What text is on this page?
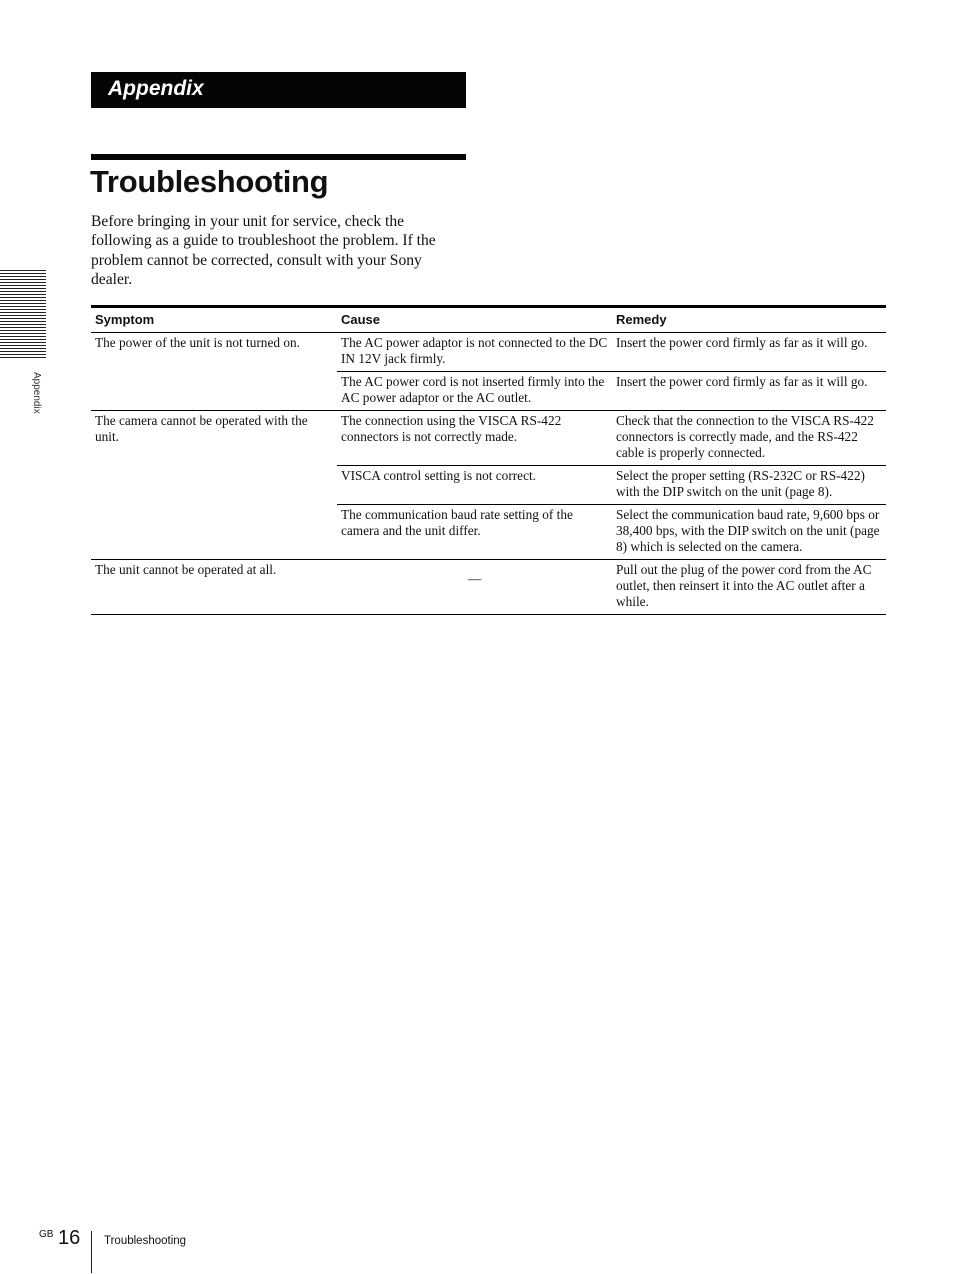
Appendix
Troubleshooting

Before bringing in your unit for service, check the following as a guide to troubleshoot the problem. If the problem cannot be corrected, consult with your Sony dealer.

Appendix
Symptom	Cause	Remedy
The power of the unit is not turned on.	The AC power adaptor is not connected to the DC IN 12V jack firmly.	Insert the power cord firmly as far as it will go.
	The AC power cord is not inserted firmly into the AC power adaptor or the AC outlet.	Insert the power cord firmly as far as it will go.
The camera cannot be operated with the unit.	The connection using the VISCA RS-422 connectors is not correctly made.	Check that the connection to the VISCA RS-422 connectors is correctly made, and the RS-422 cable is properly connected.
	VISCA control setting is not correct.	Select the proper setting (RS-232C or RS-422) with the DIP switch on the unit (page 8).
	The communication baud rate setting of the camera and the unit differ.	Select the communication baud rate, 9,600 bps or 38,400 bps, with the DIP switch on the unit (page 8) which is selected on the camera.
The unit cannot be operated at all.	—	Pull out the plug of the power cord from the AC outlet, then reinsert it into the AC outlet after a while.
GB 16 Troubleshooting
